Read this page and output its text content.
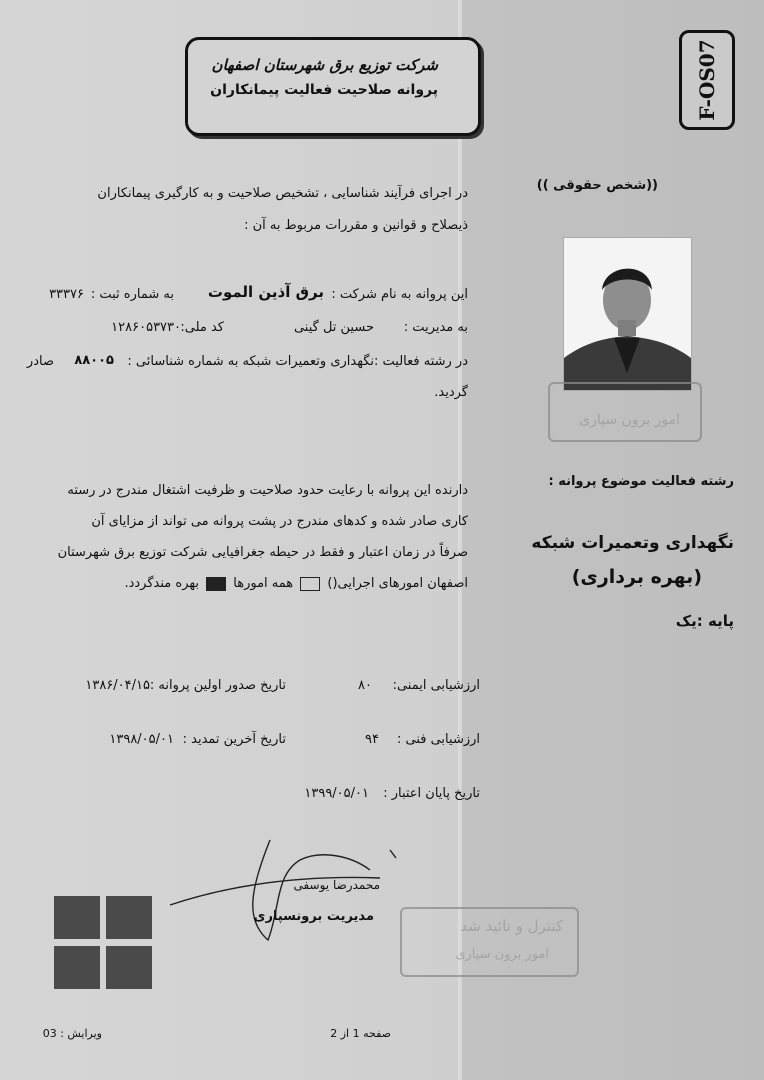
شرکت توزیع برق شهرستان اصفهان
پروانه صلاحیت فعالیت پیمانکاران	F-OS07
در اجرای فرآیند شناسایی ، تشخیص صلاحیت و به کارگیری پیمانکاران
ذیصلاح و قوانین و مقررات مربوط به آن :
این پروانه به نام شرکت :
برق آذین الموت
به شماره ثبت :
۳۳۳۷۶
به مدیریت :
حسین تل گینی
کد ملی:
۱۲۸۶۰۵۳۷۳۰
در رشته فعالیت :نگهداری وتعمیرات شبکه به شماره شناسائی :
۸۸۰۰۵
صادر
گردید.
دارنده این پروانه با رعایت حدود صلاحیت و ظرفیت اشتغال مندرج در رسته
کاری صادر شده و کدهای مندرج در پشت پروانه می تواند از مزایای آن
صرفاً در زمان اعتبار و فقط در حیطه جغرافیایی شرکت توزیع برق شهرستان
اصفهان امورهای اجرایی()  همه امورها  بهره مندگردد.
ارزشیابی ایمنی:
۸۰
تاریخ صدور اولین پروانه :
۱۳۸۶/۰۴/۱۵
ارزشیابی فنی :
۹۴
تاریخ آخرین تمدید :
۱۳۹۸/۰۵/۰۱
تاریخ پایان اعتبار :
۱۳۹۹/۰۵/۰۱
محمدرضا یوسفی
مدیریت برونسپاری
صفحه 1 از 2
ویرایش : 03
((شخص حقوقی ))
امور برون سپاری
رشته فعالیت موضوع پروانه :
نگهداری وتعمیرات شبکه
(بهره برداری)
پایه :یک
کنترل و تائید شد
امور برون سپاری
